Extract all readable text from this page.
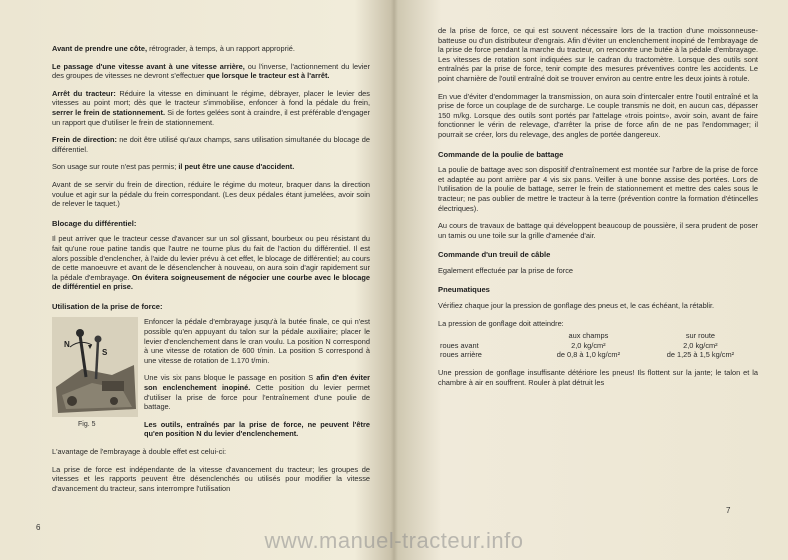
Avant de prendre une côte, rétrograder, à temps, à un rapport approprié.

Le passage d'une vitesse avant à une vitesse arrière, ou l'inverse, l'actionnement du levier des groupes de vitesses ne devront s'effectuer que lorsque le tracteur est à l'arrêt.

Arrêt du tracteur: Réduire la vitesse en diminuant le régime, débrayer, placer le levier des vitesses au point mort; dès que le tracteur s'immobilise, enfoncer à fond la pédale du frein, serrer le frein de stationnement. Si de fortes gelées sont à craindre, il est préférable d'engager un rapport que d'utiliser le frein de stationnement.

Frein de direction: ne doit être utilisé qu'aux champs, sans utilisation simultanée du blocage de différentiel.

Son usage sur route n'est pas permis; il peut être une cause d'accident.

Avant de se servir du frein de direction, réduire le régime du moteur, braquer dans la direction voulue et agir sur la pédale du frein correspondant. (Les deux pédales étant jumelées, avoir soin de relever le taquet.)

Blocage du différentiel:

Il peut arriver que le tracteur cesse d'avancer sur un sol glissant, bourbeux ou peu résistant du fait qu'une roue patine tandis que l'autre ne tourne plus du fait de l'action du différentiel. Il est alors possible d'enclencher, à l'aide du levier prévu à cet effet, le blocage de différentiel; au cours de cette manoeuvre et avant de le désenclencher à nouveau, on aura soin d'agir rapidement sur la pédale d'embrayage. On évitera soigneusement de négocier une courbe avec le blocage de différentiel en prise.

Utilisation de la prise de force:
N
S
Fig. 5

Enfoncer la pédale d'embrayage jusqu'à la butée finale, ce qui n'est possible qu'en appuyant du talon sur la pédale auxiliaire; placer le levier d'enclenchement dans le cran voulu. La position N correspond à une vitesse de rotation de 600 t/min. La position S correspond à une vitesse de rotation de 1.170 t/min.

Une vis six pans bloque le passage en position S afin d'en éviter son enclenchement inopiné. Cette position du levier permet d'utiliser la prise de force pour l'entraînement d'une poulie de battage.

Les outils, entraînés par la prise de force, ne peuvent l'être qu'en position N du levier d'enclenchement.

L'avantage de l'embrayage à double effet est celui-ci:

La prise de force est indépendante de la vitesse d'avancement du tracteur; les groupes de vitesses et les rapports peuvent être désenclenchés ou utilisés pour modifier la vitesse d'avancement du tracteur, sans interrompre l'utilisation

6

de la prise de force, ce qui est souvent nécessaire lors de la traction d'une moissonneuse-batteuse ou d'un distributeur d'engrais. Afin d'éviter un enclenchement inopiné de l'embrayage de la prise de force pendant la marche du tracteur, on rencontre une butée à la pédale d'embrayage. Les vitesses de rotation sont indiquées sur le cadran du tractomètre. Lorsque des outils sont entraînés par la prise de force, tenir compte des mesures préventives contre les accidents. Le point charnière de l'outil entraîné doit se trouver environ au centre entre les deux joints à rotule.

En vue d'éviter d'endommager la transmission, on aura soin d'intercaler entre l'outil entraîné et la prise de force un couplage de de surcharge. Le couple transmis ne doit, en aucun cas, dépasser 150 m/kg. Lorsque des outils sont portés par l'attelage «trois points», avoir soin, avant de faire fonctionner le vérin de relevage, d'arrêter la prise de force afin de ne pas l'endommager; il pourrait se créer, lors du relevage, des angles de portée dangereux.

Commande de la poulie de battage

La poulie de battage avec son dispositif d'entraînement est montée sur l'arbre de la prise de force et adaptée au pont arrière par 4 vis six pans. Veiller à une bonne assise des portées. Lors de l'utilisation de la poulie de battage, serrer le frein de stationnement et mettre des cales sous le tracteur; ne pas oublier de mettre le tracteur à la terre (prévention contre la formation d'étincelles électriques).

Au cours de travaux de battage qui développent beaucoup de poussière, il sera prudent de poser un tamis ou une toile sur la grille d'amenée d'air.

Commande d'un treuil de câble

Egalement effectuée par la prise de force

Pneumatiques

Vérifiez chaque jour la pression de gonflage des pneus et, le cas échéant, la rétablir.

La pression de gonflage doit atteindre:

	aux champs	sur route
roues avant	2,0 kg/cm²	2,0 kg/cm²
roues arrière	de 0,8 à 1,0 kg/cm²	de 1,25 à 1,5 kg/cm²

Une pression de gonflage insuffisante détériore les pneus! Ils flottent sur la jante; le talon et la chambre à air en souffrent. Rouler à plat détruit les

7
www.manuel-tracteur.info
